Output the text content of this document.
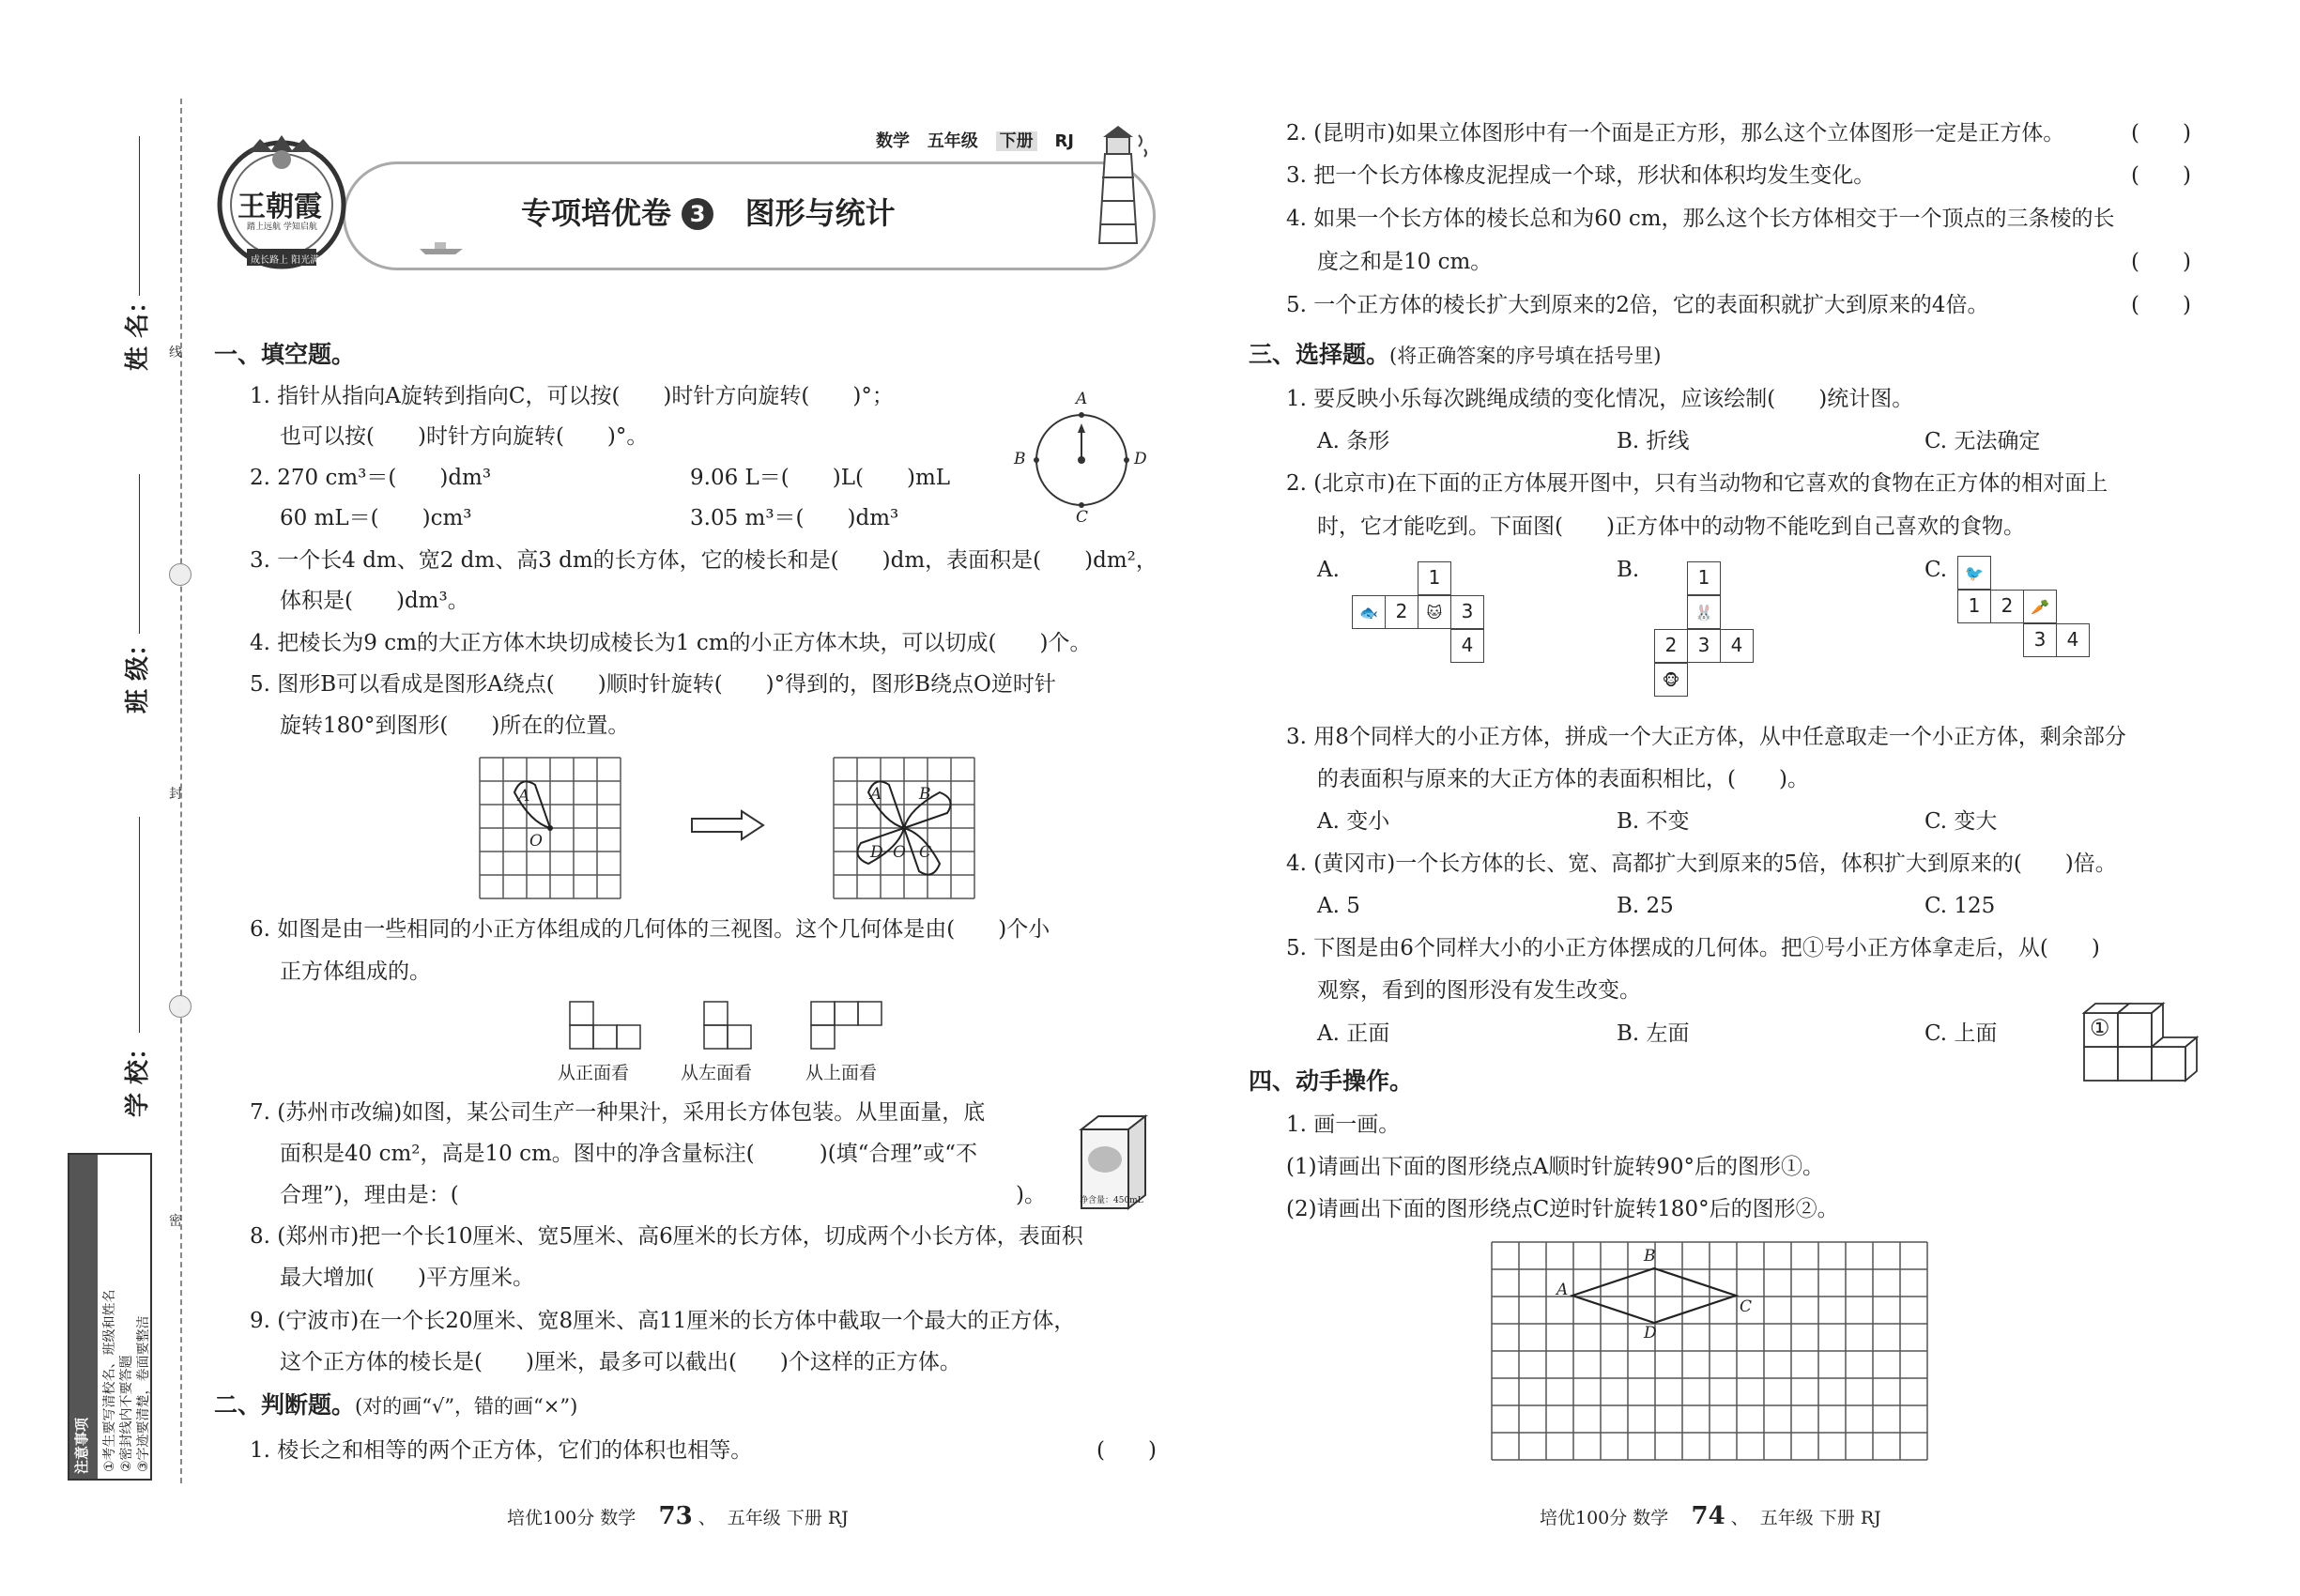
线
封
密
姓 名：
班 级：
学 校：
注意事项 ①考生要写清校名、班级和姓名 ②密封线内不要答题 ③字迹要清楚，卷面要整洁
数学 五年级 下册 RJ
专项培优卷 3 图形与统计
王朝霞
踏上远航 学知启航
成长路上 阳光满天
一、填空题。
1. 指针从指向A旋转到指向C，可以按(　　)时针方向旋转(　　)°；
也可以按(　　)时针方向旋转(　　)°。
A
B
C
D
2. 270 cm³＝(　　)dm³	9.06 L＝(　　)L(　　)mL
60 mL＝(　　)cm³	3.05 m³＝(　　)dm³
3. 一个长4 dm、宽2 dm、高3 dm的长方体，它的棱长和是(　　)dm，表面积是(　　)dm²，
体积是(　　)dm³。
4. 把棱长为9 cm的大正方体木块切成棱长为1 cm的小正方体木块，可以切成(　　)个。
5. 图形B可以看成是图形A绕点(　　)顺时针旋转(　　)°得到的，图形B绕点O逆时针
旋转180°到图形(　　)所在的位置。
A
O
A B
C
D O
6. 如图是由一些相同的小正方体组成的几何体的三视图。这个几何体是由(　　)个小
正方体组成的。
从正面看	从左面看	从上面看
7. (苏州市改编)如图，某公司生产一种果汁，采用长方体包装。从里面量，底
面积是40 cm²，高是10 cm。图中的净含量标注(　　　)(填“合理”或“不
合理”)，理由是：(	)。	净含量：450mL
8. (郑州市)把一个长10厘米、宽5厘米、高6厘米的长方体，切成两个小长方体，表面积
最大增加(　　)平方厘米。
9. (宁波市)在一个长20厘米、宽8厘米、高11厘米的长方体中截取一个最大的正方体，
这个正方体的棱长是(　　)厘米，最多可以截出(　　)个这样的正方体。
二、判断题。(对的画“√”，错的画“×”)
1. 棱长之和相等的两个正方体，它们的体积也相等。	(　　)
培优100分 数学 73 、  五年级 下册 RJ
2. (昆明市)如果立体图形中有一个面是正方形，那么这个立体图形一定是正方体。	(　　)
3. 把一个长方体橡皮泥捏成一个球，形状和体积均发生变化。	(　　)
4. 如果一个长方体的棱长总和为60 cm，那么这个长方体相交于一个顶点的三条棱的长
度之和是10 cm。	(　　)
5. 一个正方体的棱长扩大到原来的2倍，它的表面积就扩大到原来的4倍。	(　　)
三、选择题。(将正确答案的序号填在括号里)
1. 要反映小乐每次跳绳成绩的变化情况，应该绘制(　　)统计图。
A. 条形	B. 折线	C. 无法确定
2. (北京市)在下面的正方体展开图中，只有当动物和它喜欢的食物在正方体的相对面上
时，它才能吃到。下面图(　　)正方体中的动物不能吃到自己喜欢的食物。
A.	1
🐟 2	🐱	3
4
B.	1
🐰
2	3	4
🐵
C.	🐦
1	2	🥕
3	4
3. 用8个同样大的小正方体，拼成一个大正方体，从中任意取走一个小正方体，剩余部分
的表面积与原来的大正方体的表面积相比，(　　)。
A. 变小	B. 不变	C. 变大
4. (黄冈市)一个长方体的长、宽、高都扩大到原来的5倍，体积扩大到原来的(　　)倍。
A. 5	B. 25	C. 125
5. 下图是由6个同样大小的小正方体摆成的几何体。把①号小正方体拿走后，从(　　)
观察，看到的图形没有发生改变。
A. 正面	B. 左面	C. 上面	①
四、动手操作。
1. 画一画。
(1)请画出下面的图形绕点A顺时针旋转90°后的图形①。
(2)请画出下面的图形绕点C逆时针旋转180°后的图形②。
A
B
C
D
培优100分 数学 74 、  五年级 下册 RJ
